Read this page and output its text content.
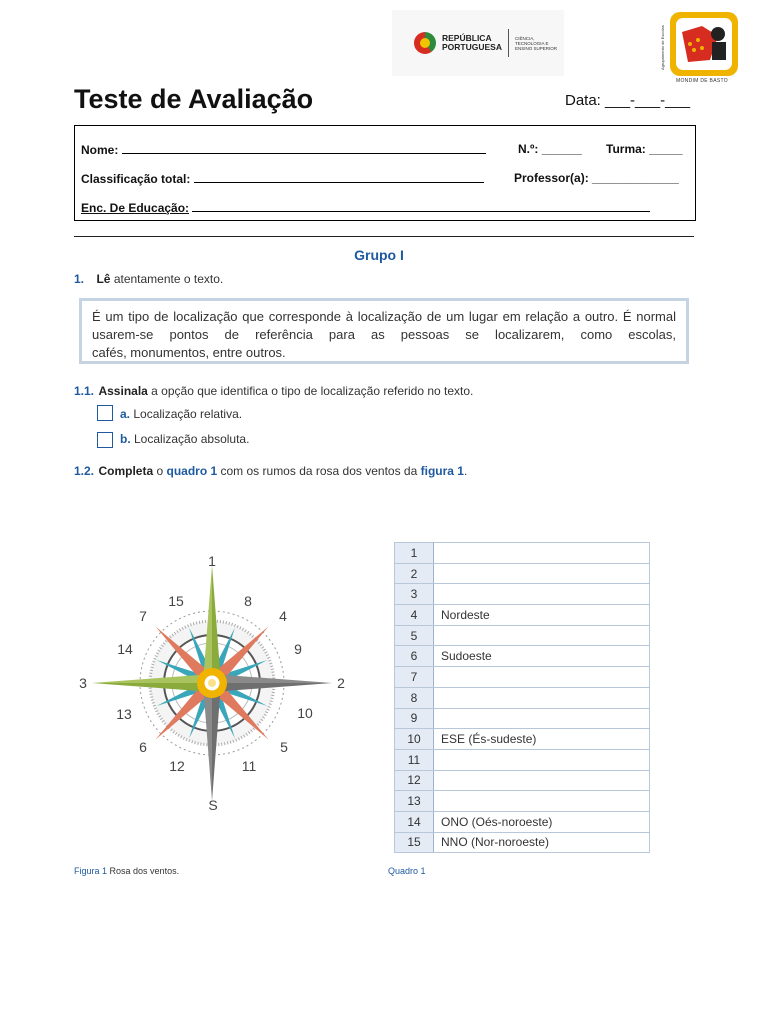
REPÚBLICA
PORTUGUESA
CIÊNCIA, TECNOLOGIA E ENSINO SUPERIOR	Agrupamento de Escolas
MONDIM DE BASTO
Teste de Avaliação	Data: ___-___-___
Nome:	N.º: ______ Turma: _____
Classificação total:	Professor(a): _____________
Enc. De Educação:
Grupo I
1. Lê atentamente o texto.
É um tipo de localização que corresponde à localização de um lugar em relação a outro. É normal usarem-se pontos de referência para as pessoas se localizarem, como escolas,
cafés, monumentos, entre outros.
1.1. Assinala a opção que identifica o tipo de localização referido no texto.
a. Localização relativa.
b. Localização absoluta.
1.2. Completa o quadro 1 com os rumos da rosa dos ventos da figura 1.
1
2
3
4
5
6
7
8
9
10
11
12
13
14
15
S
Figura 1 Rosa dos ventos.
1	
2	
3	
4	Nordeste
5	
6	Sudoeste
7	
8	
9	
10	ESE (És-sudeste)
11	
12	
13	
14	ONO (Oés-noroeste)
15	NNO (Nor-noroeste)
Quadro 1
